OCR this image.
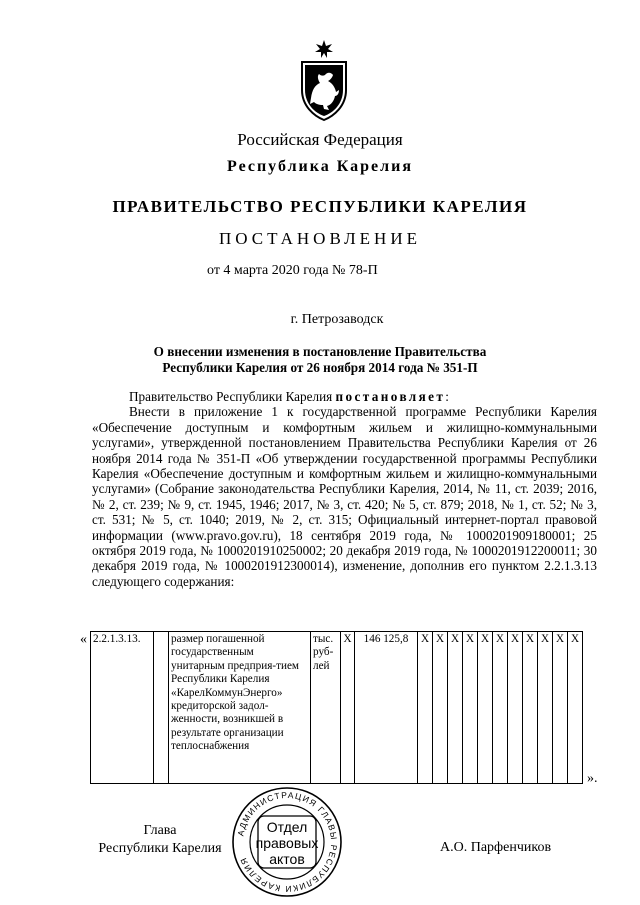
Российская Федерация
Республика Карелия
ПРАВИТЕЛЬСТВО РЕСПУБЛИКИ КАРЕЛИЯ
ПОСТАНОВЛЕНИЕ
от 4 марта 2020 года № 78-П
г. Петрозаводск
О внесении изменения в постановление Правительства
Республики Карелия от 26 ноября 2014 года № 351-П

Правительство Республики Карелия постановляет:

Внести в приложение 1 к государственной программе Республики Карелия «Обеспечение доступным и комфортным жильем и жилищно-коммунальными услугами», утвержденной постановлением Правительства Республики Карелия от 26 ноября 2014 года № 351-П «Об утверждении государственной программы Республики Карелия «Обеспечение доступным и комфортным жильем и жилищно-коммунальными услугами» (Собрание законодательства Республики Карелия, 2014, № 11, ст. 2039; 2016, № 2, ст. 239; № 9, ст. 1945, 1946; 2017, № 3, ст. 420; № 5, ст. 879; 2018, № 1, ст. 52; № 3, ст. 531; № 5, ст. 1040; 2019, № 2, ст. 315; Официальный интернет-портал правовой информации (www.pravo.gov.ru), 18 сентября 2019 года, № 1000201909180001; 25 октября 2019 года, № 1000201910250002; 20 декабря 2019 года, № 1000201912200011; 30 декабря 2019 года, № 1000201912300014), изменение, дополнив его пунктом 2.2.1.3.13 следующего содержания:

« 2.2.1.3.13.		размер погашенной государственным унитарным предприя-тием Республики Карелия «КарелКоммунЭнерго» кредиторской задол-женности, возникшей в результате организации теплоснабжения	тыс. руб-лей	X	146 125,8	X	X	X	X	X	X	X	X	X	X	X
».
Глава
Республики Карелия	А.О. Парфенчиков
АДМИНИСТРАЦИЯ ГЛАВЫ РЕСПУБЛИКИ КАРЕЛИЯ
Отдел
правовых
актов
